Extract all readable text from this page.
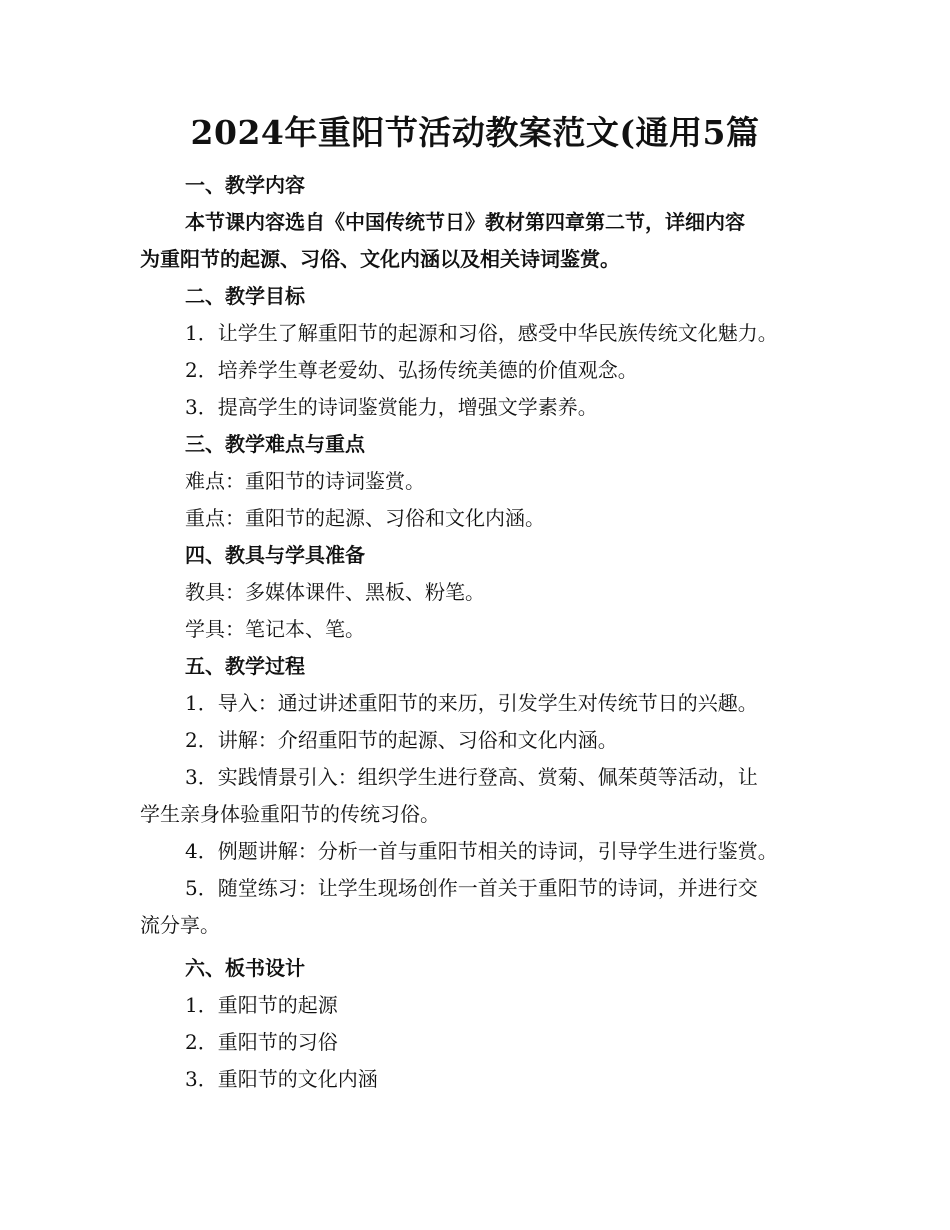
2024年重阳节活动教案范文(通用5篇

一、教学内容

本节课内容选自《中国传统节日》教材第四章第二节，详细内容

为重阳节的起源、习俗、文化内涵以及相关诗词鉴赏。

二、教学目标

1．让学生了解重阳节的起源和习俗，感受中华民族传统文化魅力。

2．培养学生尊老爱幼、弘扬传统美德的价值观念。

3．提高学生的诗词鉴赏能力，增强文学素养。

三、教学难点与重点

难点：重阳节的诗词鉴赏。

重点：重阳节的起源、习俗和文化内涵。

四、教具与学具准备

教具：多媒体课件、黑板、粉笔。

学具：笔记本、笔。

五、教学过程

1．导入：通过讲述重阳节的来历，引发学生对传统节日的兴趣。

2．讲解：介绍重阳节的起源、习俗和文化内涵。

3．实践情景引入：组织学生进行登高、赏菊、佩茱萸等活动，让

学生亲身体验重阳节的传统习俗。

4．例题讲解：分析一首与重阳节相关的诗词，引导学生进行鉴赏。

5．随堂练习：让学生现场创作一首关于重阳节的诗词，并进行交

流分享。

六、板书设计

1．重阳节的起源

2．重阳节的习俗

3．重阳节的文化内涵
